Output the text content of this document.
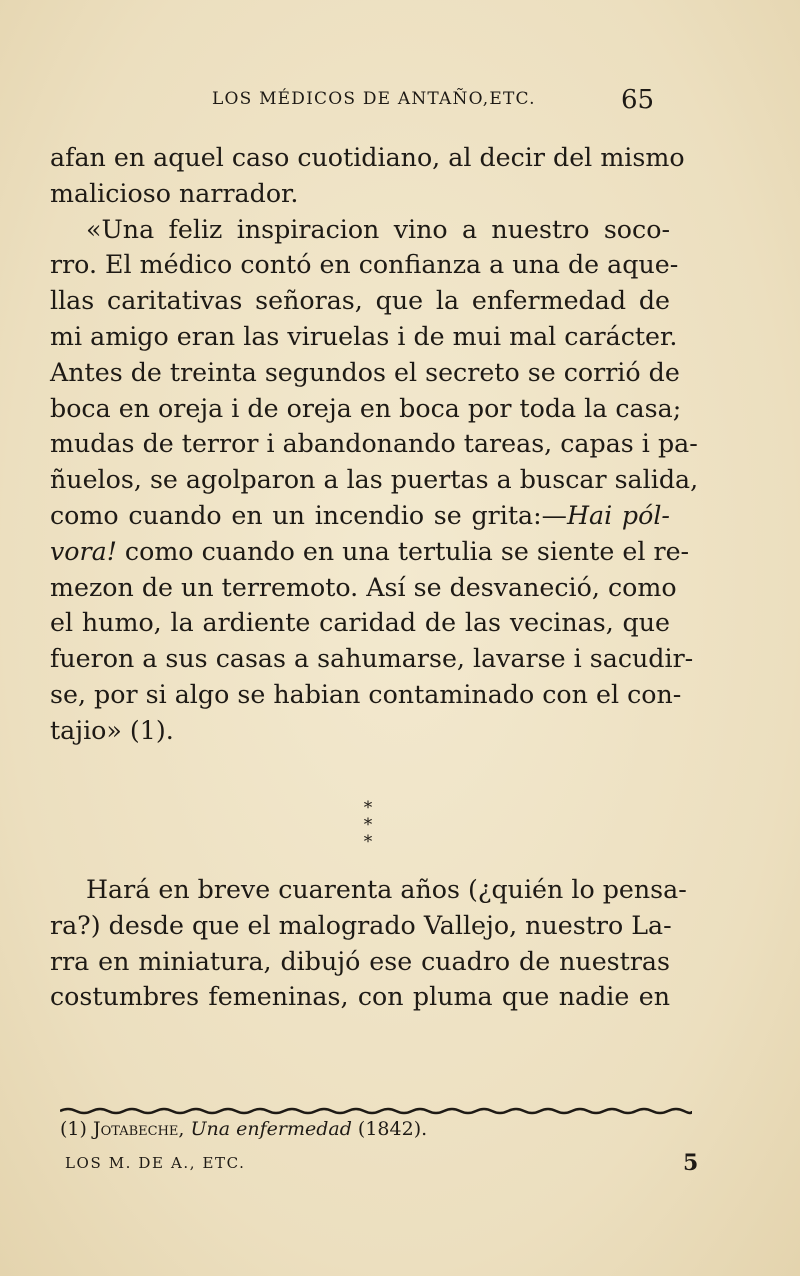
LOS MÉDICOS DE ANTAÑO,ETC.	65
afan en aquel caso cuotidiano, al decir del mismo
malicioso narrador.
«Una feliz inspiracion vino a nuestro soco-
rro. El médico contó en confianza a una de aque-
llas caritativas señoras, que la enfermedad de
mi amigo eran las viruelas i de mui mal carácter.
Antes de treinta segundos el secreto se corrió de
boca en oreja i de oreja en boca por toda la casa;
mudas de terror i abandonando tareas, capas i pa-
ñuelos, se agolparon a las puertas a buscar salida,
como cuando en un incendio se grita:—Hai pól-
vora! como cuando en una tertulia se siente el re-
mezon de un terremoto. Así se desvaneció, como
el humo, la ardiente caridad de las vecinas, que
fueron a sus casas a sahumarse, lavarse i sacudir-
se, por si algo se habian contaminado con el con-
tajio» (1).
*
* *
Hará en breve cuarenta años (¿quién lo pensa-
ra?) desde que el malogrado Vallejo, nuestro La-
rra en miniatura, dibujó ese cuadro de nuestras
costumbres femeninas, con pluma que nadie en
(1) Jotabeche, Una enfermedad (1842).
LOS M. DE A., ETC.	5
